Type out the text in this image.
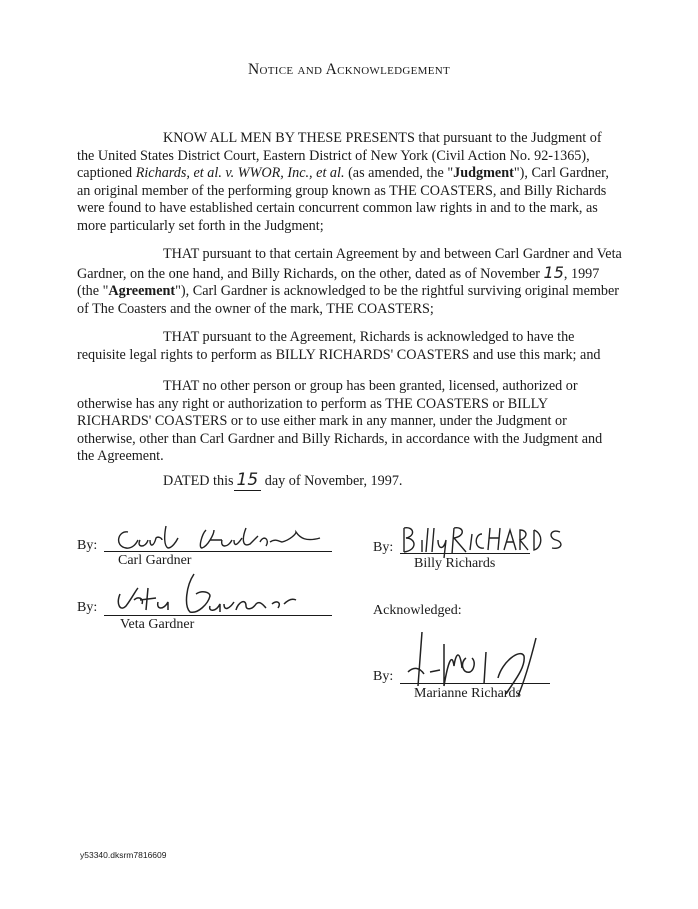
Notice and Acknowledgement

KNOW ALL MEN BY THESE PRESENTS that pursuant to the Judgment of the United States District Court, Eastern District of New York (Civil Action No. 92-1365), captioned Richards, et al. v. WWOR, Inc., et al. (as amended, the "Judgment"), Carl Gardner, an original member of the performing group known as THE COASTERS, and Billy Richards were found to have established certain concurrent common law rights in and to the mark, as more particularly set forth in the Judgment;

THAT pursuant to that certain Agreement by and between Carl Gardner and Veta Gardner, on the one hand, and Billy Richards, on the other, dated as of November 15, 1997 (the "Agreement"), Carl Gardner is acknowledged to be the rightful surviving original member of The Coasters and the owner of the mark, THE COASTERS;

THAT pursuant to the Agreement, Richards is acknowledged to have the requisite legal rights to perform as BILLY RICHARDS' COASTERS and use this mark; and

THAT no other person or group has been granted, licensed, authorized or otherwise has any right or authorization to perform as THE COASTERS or BILLY RICHARDS' COASTERS or to use either mark in any manner, under the Judgment or otherwise, other than Carl Gardner and Billy Richards, in accordance with the Judgment and the Agreement.

DATED this 15 day of November, 1997.
By:
Carl Gardner
By:
Veta Gardner
By:
Billy Richards
Acknowledged:
By:
Marianne Richards
y53340.dksrm7816609
